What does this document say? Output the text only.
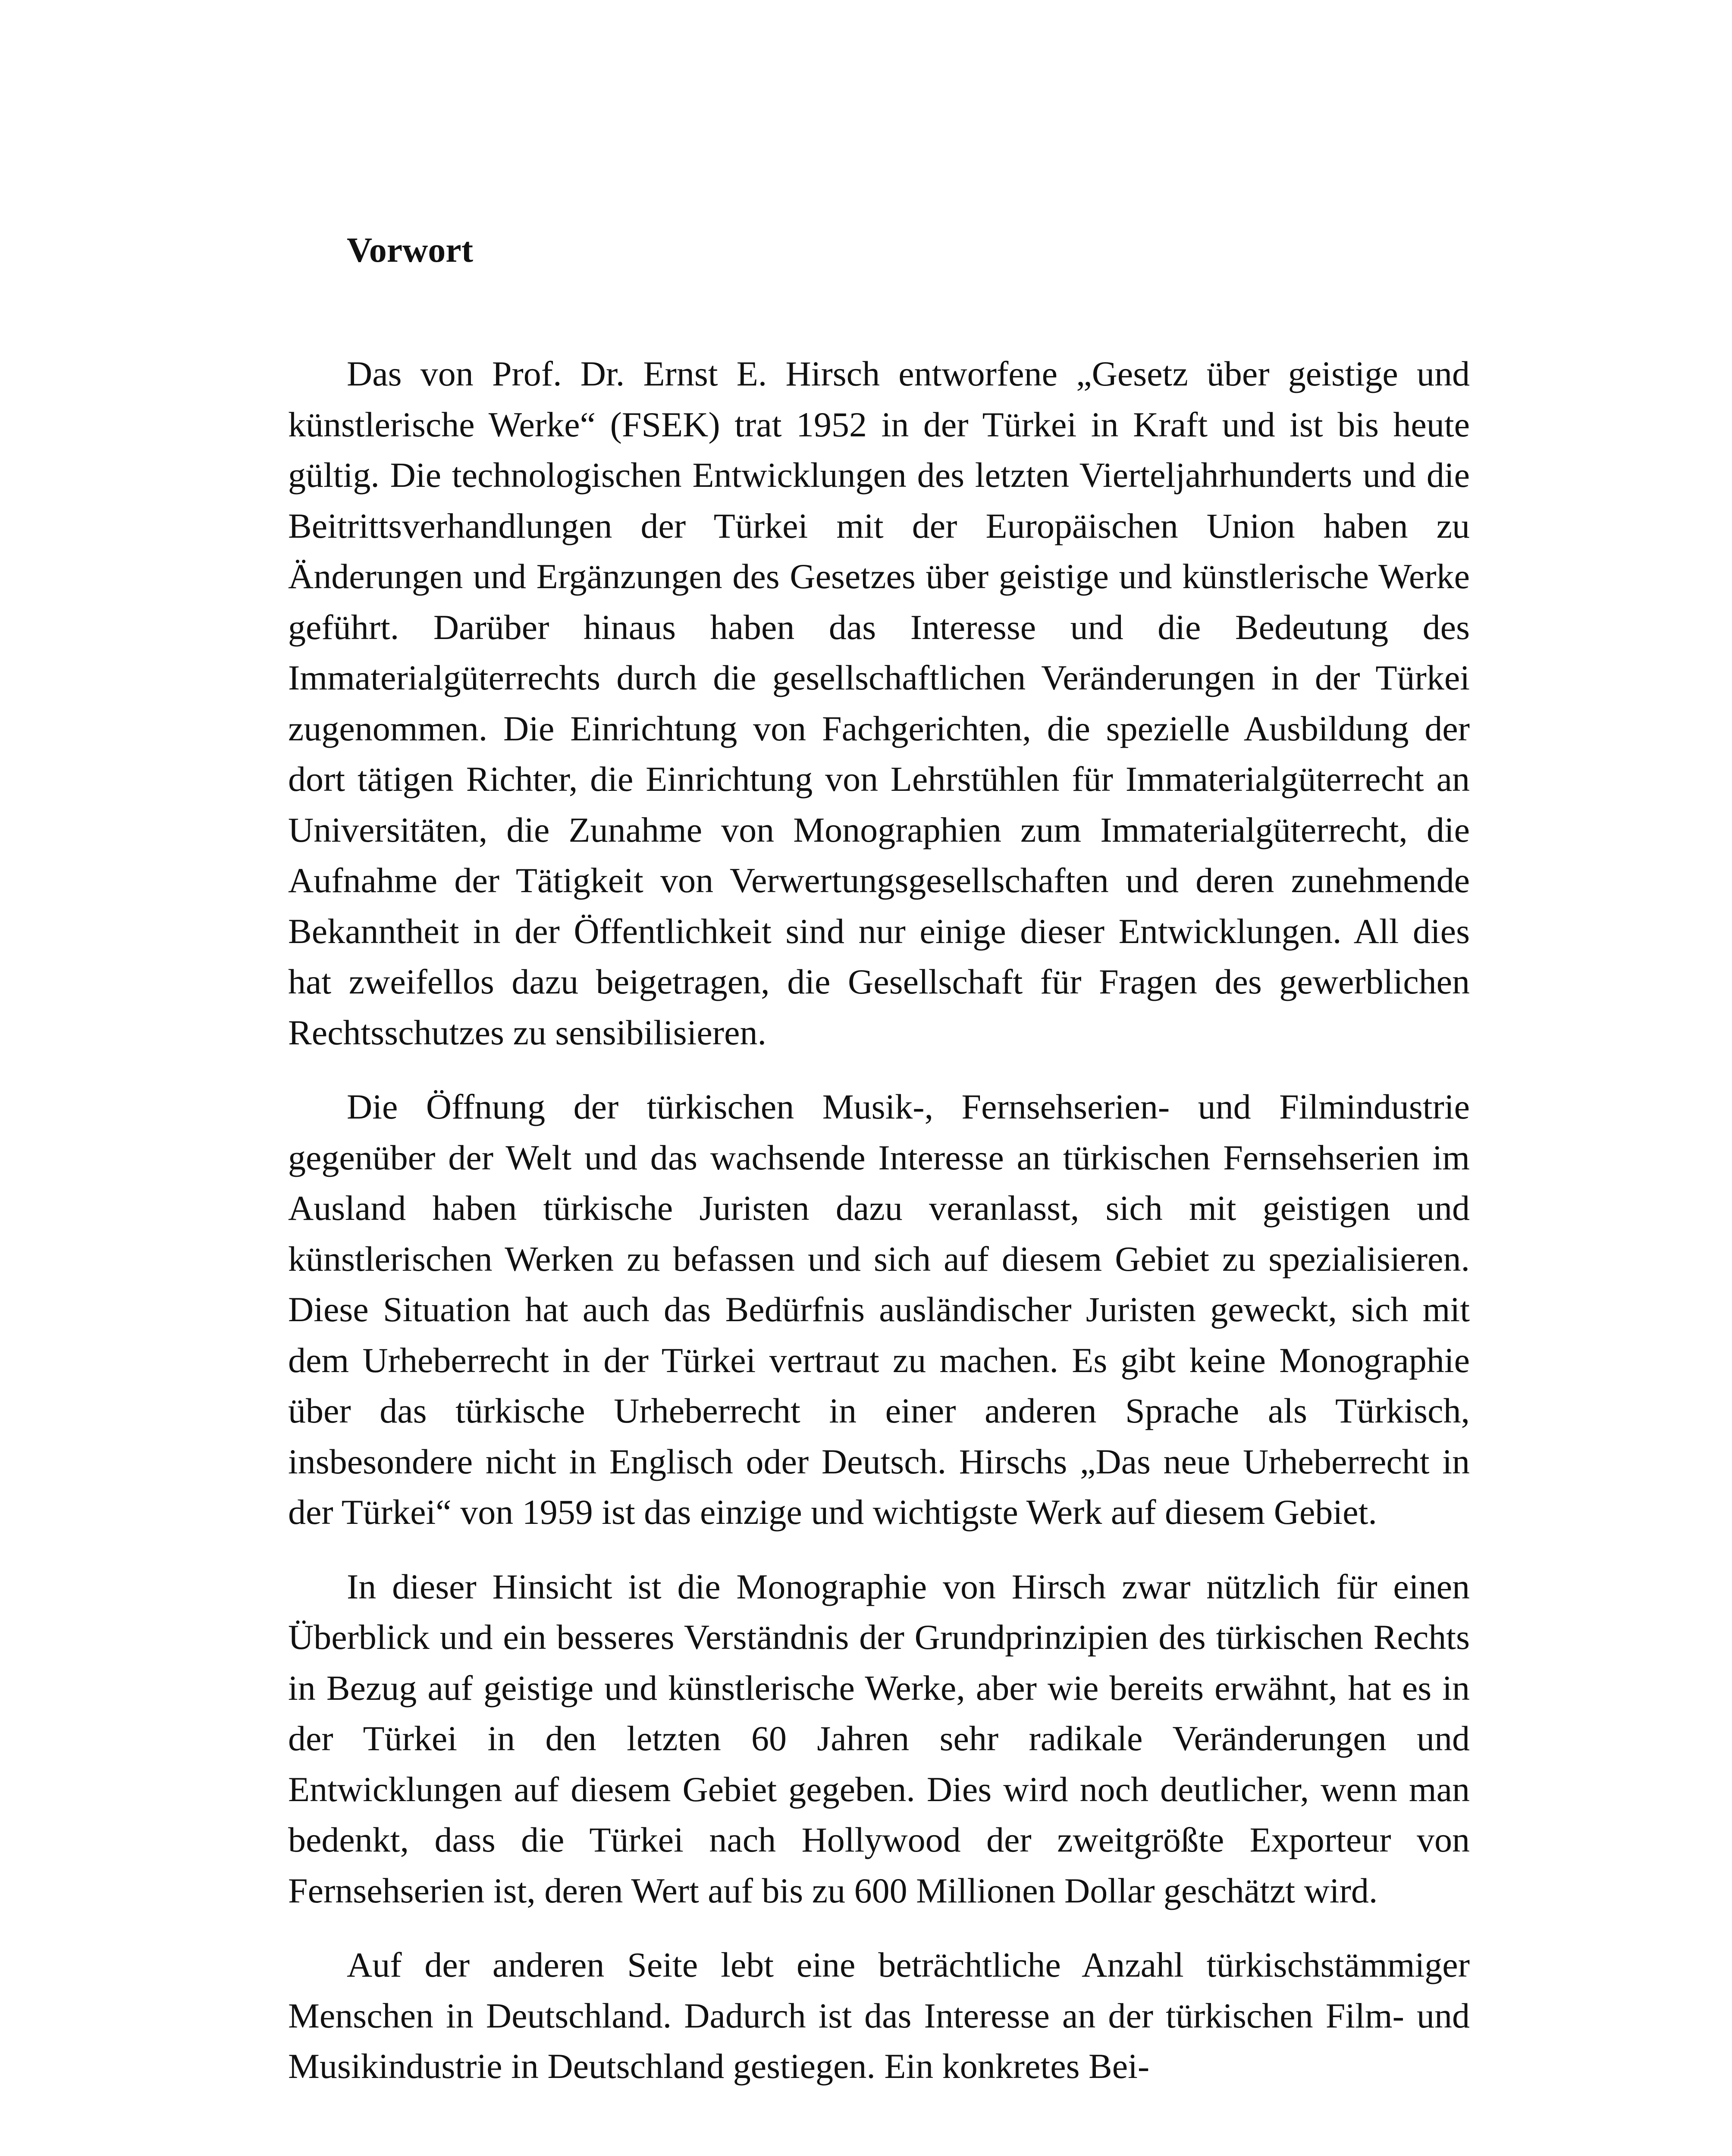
Vorwort

Das von Prof. Dr. Ernst E. Hirsch entworfene „Gesetz über geistige und künstlerische Werke“ (FSEK) trat 1952 in der Türkei in Kraft und ist bis heute gültig. Die technologischen Entwicklungen des letzten Vierteljahrhunderts und die Beitrittsverhandlungen der Türkei mit der Europäischen Union haben zu Änderungen und Ergänzungen des Gesetzes über geistige und künstlerische Werke geführt. Darüber hinaus haben das Interesse und die Bedeutung des Immaterialgüterrechts durch die gesellschaftlichen Veränderungen in der Türkei zugenommen. Die Einrichtung von Fachgerichten, die spezielle Ausbildung der dort tätigen Richter, die Einrichtung von Lehrstühlen für Immaterialgüterrecht an Universitäten, die Zunahme von Monographien zum Immaterialgüterrecht, die Aufnahme der Tätigkeit von Verwertungsgesellschaften und deren zunehmende Bekanntheit in der Öffentlichkeit sind nur einige dieser Entwicklungen. All dies hat zweifellos dazu beigetragen, die Gesellschaft für Fragen des gewerblichen Rechtsschutzes zu sensibilisieren.

Die Öffnung der türkischen Musik-, Fernsehserien- und Filmindustrie gegenüber der Welt und das wachsende Interesse an türkischen Fernsehserien im Ausland haben türkische Juristen dazu veranlasst, sich mit geistigen und künstlerischen Werken zu befassen und sich auf diesem Gebiet zu spezialisieren. Diese Situation hat auch das Bedürfnis ausländischer Juristen geweckt, sich mit dem Urheberrecht in der Türkei vertraut zu machen. Es gibt keine Monographie über das türkische Urheberrecht in einer anderen Sprache als Türkisch, insbesondere nicht in Englisch oder Deutsch. Hirschs „Das neue Urheberrecht in der Türkei“ von 1959 ist das einzige und wichtigste Werk auf diesem Gebiet.

In dieser Hinsicht ist die Monographie von Hirsch zwar nützlich für einen Überblick und ein besseres Verständnis der Grundprinzipien des türkischen Rechts in Bezug auf geistige und künstlerische Werke, aber wie bereits erwähnt, hat es in der Türkei in den letzten 60 Jahren sehr radikale Veränderungen und Entwicklungen auf diesem Gebiet gegeben. Dies wird noch deutlicher, wenn man bedenkt, dass die Türkei nach Hollywood der zweitgrößte Exporteur von Fernsehserien ist, deren Wert auf bis zu 600 Millionen Dollar geschätzt wird.

Auf der anderen Seite lebt eine beträchtliche Anzahl türkischstämmiger Menschen in Deutschland. Dadurch ist das Interesse an der türkischen Film- und Musikindustrie in Deutschland gestiegen. Ein konkretes Bei-
